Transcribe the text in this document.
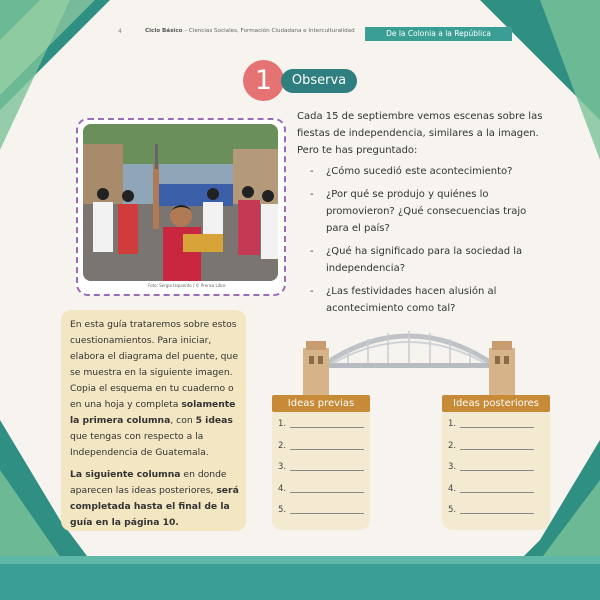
4	Ciclo Básico – Ciencias Sociales, Formación Ciudadana e Interculturalidad	De la Colonia a la República
1	Observa
Foto: Sergio Izquierdo / © Prensa Libre
Cada 15 de septiembre vemos escenas sobre las fiestas de independencia, similares a la imagen. Pero te has preguntado:
- ¿Cómo sucedió este acontecimiento?
- ¿Por qué se produjo y quiénes lo promovieron? ¿Qué consecuencias trajo para el país?
- ¿Qué ha significado para la sociedad la independencia?
- ¿Las festividades hacen alusión al acontecimiento como tal?

En esta guía trataremos sobre estos cuestionamientos. Para iniciar, elabora el diagrama del puente, que se muestra en la siguiente imagen. Copia el esquema en tu cuaderno o en una hoja y completa solamente la primera columna, con 5 ideas que tengas con respecto a la Independencia de Guatemala.

La siguiente columna en donde aparecen las ideas posteriores, será completada hasta el final de la guía en la página 10.

Ideas previas
1.
2.
3.
4.
5.
Ideas posteriores
1.
2.
3.
4.
5.
